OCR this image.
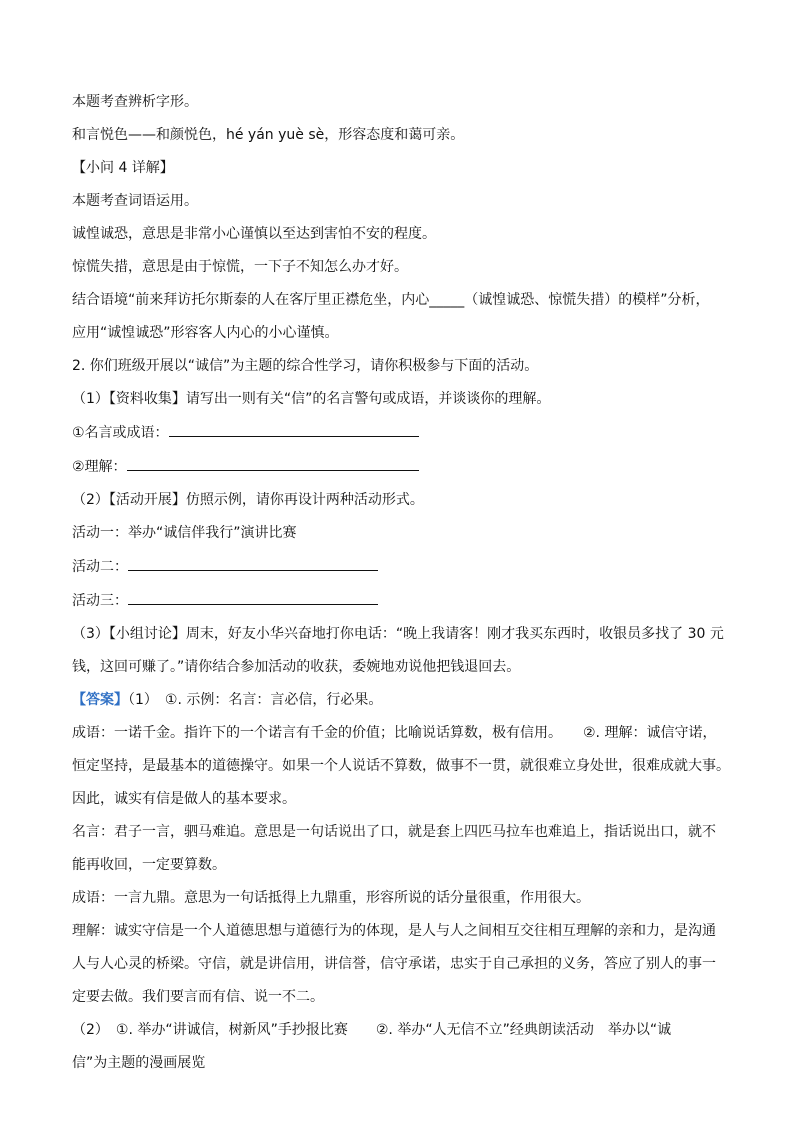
本题考查辨析字形。

和言悦色——和颜悦色，hé yán yuè sè，形容态度和蔼可亲。

【小问 4 详解】

本题考查词语运用。

诚惶诚恐，意思是非常小心谨慎以至达到害怕不安的程度。

惊慌失措，意思是由于惊慌，一下子不知怎么办才好。

结合语境“前来拜访托尔斯泰的人在客厅里正襟危坐，内心_____（诚惶诚恐、惊慌失措）的模样”分析，

应用“诚惶诚恐”形容客人内心的小心谨慎。

2. 你们班级开展以“诚信”为主题的综合性学习，请你积极参与下面的活动。

（1）【资料收集】请写出一则有关“信”的名言警句或成语，并谈谈你的理解。

①名言或成语：

②理解：

（2）【活动开展】仿照示例，请你再设计两种活动形式。

活动一：举办“诚信伴我行”演讲比赛

活动二：

活动三：

（3）【小组讨论】周末，好友小华兴奋地打你电话：“晚上我请客！刚才我买东西时，收银员多找了 30 元

钱，这回可赚了。”请你结合参加活动的收获，委婉地劝说他把钱退回去。

【答案】（1）　①. 示例：名言：言必信，行必果。

成语：一诺千金。指许下的一个诺言有千金的价值；比喻说话算数，极有信用。　　②. 理解：诚信守诺，

恒定坚持，是最基本的道德操守。如果一个人说话不算数，做事不一贯，就很难立身处世，很难成就大事。

因此，诚实有信是做人的基本要求。

名言：君子一言，驷马难追。意思是一句话说出了口，就是套上四匹马拉车也难追上，指话说出口，就不

能再收回，一定要算数。

成语：一言九鼎。意思为一句话抵得上九鼎重，形容所说的话分量很重，作用很大。

理解：诚实守信是一个人道德思想与道德行为的体现，是人与人之间相互交往相互理解的亲和力，是沟通

人与人心灵的桥梁。守信，就是讲信用，讲信誉，信守承诺，忠实于自己承担的义务，答应了别人的事一

定要去做。我们要言而有信、说一不二。

（2）　①. 举办“讲诚信，树新风”手抄报比赛　　②. 举办“人无信不立”经典朗读活动　举办以“诚

信”为主题的漫画展览
